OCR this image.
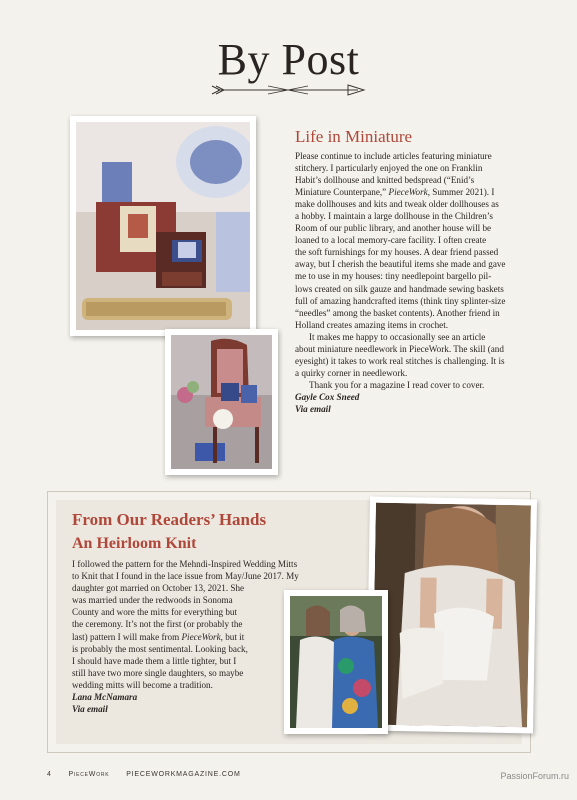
By Post
Life in Miniature
Please continue to include articles featuring miniature
stitchery. I particularly enjoyed the one on Franklin
Habit’s dollhouse and knitted bedspread (“Enid’s
Miniature Counterpane,” PieceWork, Summer 2021). I
make dollhouses and kits and tweak older dollhouses as
a hobby. I maintain a large dollhouse in the Children’s
Room of our public library, and another house will be
loaned to a local memory-care facility. I often create
the soft furnishings for my houses. A dear friend passed
away, but I cherish the beautiful items she made and gave
me to use in my houses: tiny needlepoint bargello pil-
lows created on silk gauze and handmade sewing baskets
full of amazing handcrafted items (think tiny splinter-size
“needles” among the basket contents). Another friend in
Holland creates amazing items in crochet.
It makes me happy to occasionally see an article
about miniature needlework in PieceWork. The skill (and
eyesight) it takes to work real stitches is challenging. It is
a quirky corner in needlework.
Thank you for a magazine I read cover to cover.
Gayle Cox Sneed
Via email
From Our Readers’ Hands
An Heirloom Knit
I followed the pattern for the Mehndi-Inspired Wedding Mitts
to Knit that I found in the lace issue from May/June 2017. My
daughter got married on October 13, 2021. She
was married under the redwoods in Sonoma
County and wore the mitts for everything but
the ceremony. It’s not the first (or probably the
last) pattern I will make from PieceWork, but it
is probably the most sentimental. Looking back,
I should have made them a little tighter, but I
still have two more single daughters, so maybe
wedding mitts will become a tradition.
Lana McNamara
Via email
4 PieceWork PIECEWORKMAGAZINE.COM	PassionForum.ru
